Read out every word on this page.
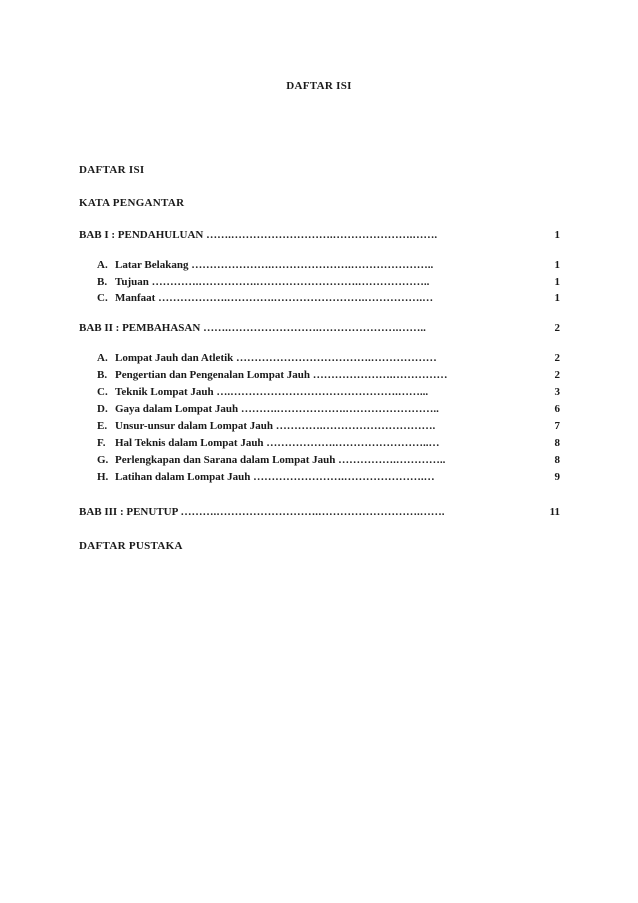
DAFTAR ISI
DAFTAR ISI
KATA PENGANTAR
BAB I : PENDAHULUAN …….……………………….………………….…….	1
A. Latar Belakang ………………….………………….…………………..	1
B. Tujuan ………….…………….……………………….………………..	1
C. Manfaat ……………….………….…………………….…………….…	1
BAB II : PEMBAHASAN …….…………………….………………….……..	2
A. Lompat Jauh dan Atletik ……………………………….………………	2
B. Pengertian dan Pengenalan Lompat Jauh ………………….……………	2
C. Teknik Lompat Jauh ….……………………………………….……...	3
D. Gaya dalam Lompat Jauh ……….……………….……………………..	6
E. Unsur-unsur dalam Lompat Jauh ………….………………………….	7
F. Hal Teknis dalam Lompat Jauh ……………….……………………..…	8
G. Perlengkapan dan Sarana dalam Lompat Jauh …………….…………..	8
H. Latihan dalam Lompat Jauh …………………….………………….…	9
BAB III : PENUTUP ……….……………………….……………………….…….	11
DAFTAR PUSTAKA
